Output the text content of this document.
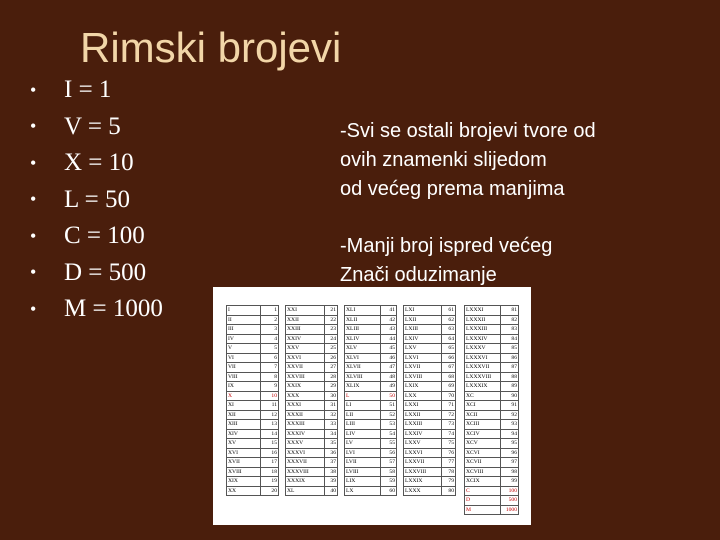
Rimski brojevi
•	I = 1
•	V = 5
•	X = 10
•	L = 50
•	C = 100
•	D = 500
•	M = 1000
-Svi se ostali brojevi tvore od
ovih znamenki slijedom
od većeg prema manjima
-Manji broj ispred većeg
Znači oduzimanje
I	1
II	2
III	3
IV	4
V	5
VI	6
VII	7
VIII	8
IX	9
X	10
XI	11
XII	12
XIII	13
XIV	14
XV	15
XVI	16
XVII	17
XVIII	18
XIX	19
XX	20
XXI	21
XXII	22
XXIII	23
XXIV	24
XXV	25
XXVI	26
XXVII	27
XXVIII	28
XXIX	29
XXX	30
XXXI	31
XXXII	32
XXXIII	33
XXXIV	34
XXXV	35
XXXVI	36
XXXVII	37
XXXVIII	38
XXXIX	39
XL	40
XLI	41
XLII	42
XLIII	43
XLIV	44
XLV	45
XLVI	46
XLVII	47
XLVIII	48
XLIX	49
L	50
LI	51
LII	52
LIII	53
LIV	54
LV	55
LVI	56
LVII	57
LVIII	58
LIX	59
LX	60
LXI	61
LXII	62
LXIII	63
LXIV	64
LXV	65
LXVI	66
LXVII	67
LXVIII	68
LXIX	69
LXX	70
LXXI	71
LXXII	72
LXXIII	73
LXXIV	74
LXXV	75
LXXVI	76
LXXVII	77
LXXVIII	78
LXXIX	79
LXXX	80
LXXXI	81
LXXXII	82
LXXXIII	83
LXXXIV	84
LXXXV	85
LXXXVI	86
LXXXVII	87
LXXXVIII	88
LXXXIX	89
XC	90
XCI	91
XCII	92
XCIII	93
XCIV	94
XCV	95
XCVI	96
XCVII	97
XCVIII	98
XCIX	99
C	100
D	500
M	1000
